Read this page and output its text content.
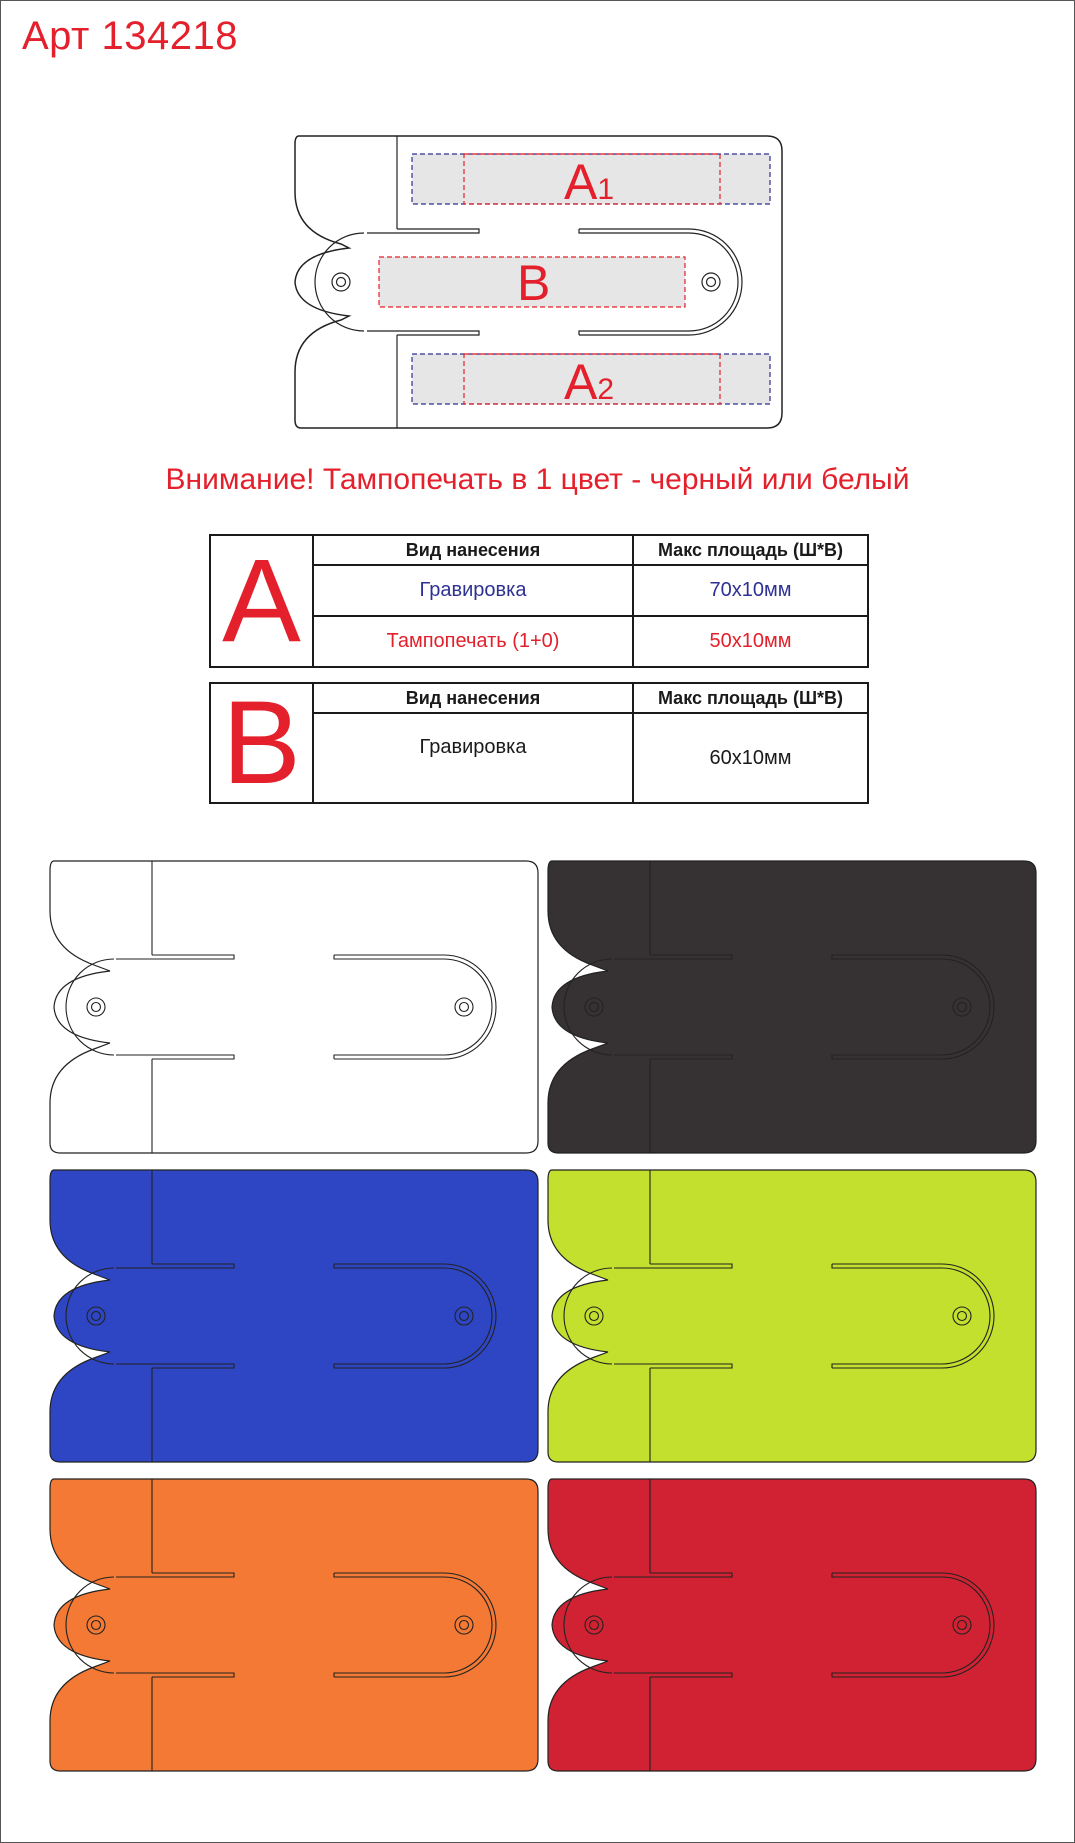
Арт 134218
A1
B
A2
Внимание! Тампопечать в 1 цвет - черный или белый
A	Вид нанесения	Макс площадь (Ш*В)
	Гравировка	70x10мм
	Тампопечать (1+0)	50x10мм
B	Вид нанесения	Макс площадь (Ш*В)
	Гравировка	60x10мм
